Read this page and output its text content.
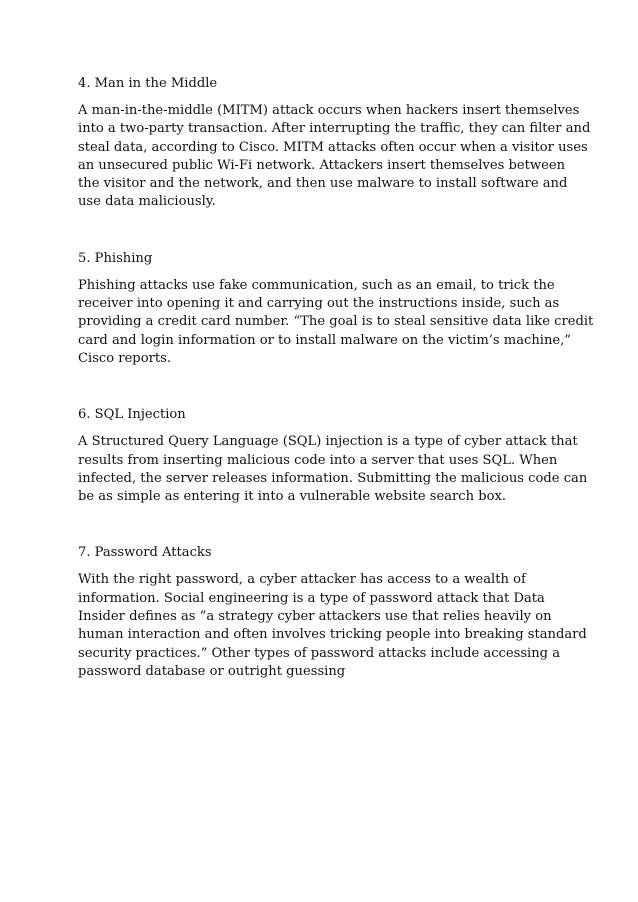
4. Man in the Middle

A man-in-the-middle (MITM) attack occurs when hackers insert themselves
into a two-party transaction. After interrupting the traffic, they can filter and
steal data, according to Cisco. MITM attacks often occur when a visitor uses
an unsecured public Wi-Fi network. Attackers insert themselves between
the visitor and the network, and then use malware to install software and
use data maliciously.

5. Phishing

Phishing attacks use fake communication, such as an email, to trick the
receiver into opening it and carrying out the instructions inside, such as
providing a credit card number. “The goal is to steal sensitive data like credit
card and login information or to install malware on the victim’s machine,”
Cisco reports.

6. SQL Injection

A Structured Query Language (SQL) injection is a type of cyber attack that
results from inserting malicious code into a server that uses SQL. When
infected, the server releases information. Submitting the malicious code can
be as simple as entering it into a vulnerable website search box.

7. Password Attacks

With the right password, a cyber attacker has access to a wealth of
information. Social engineering is a type of password attack that Data
Insider defines as “a strategy cyber attackers use that relies heavily on
human interaction and often involves tricking people into breaking standard
security practices.” Other types of password attacks include accessing a
password database or outright guessing
